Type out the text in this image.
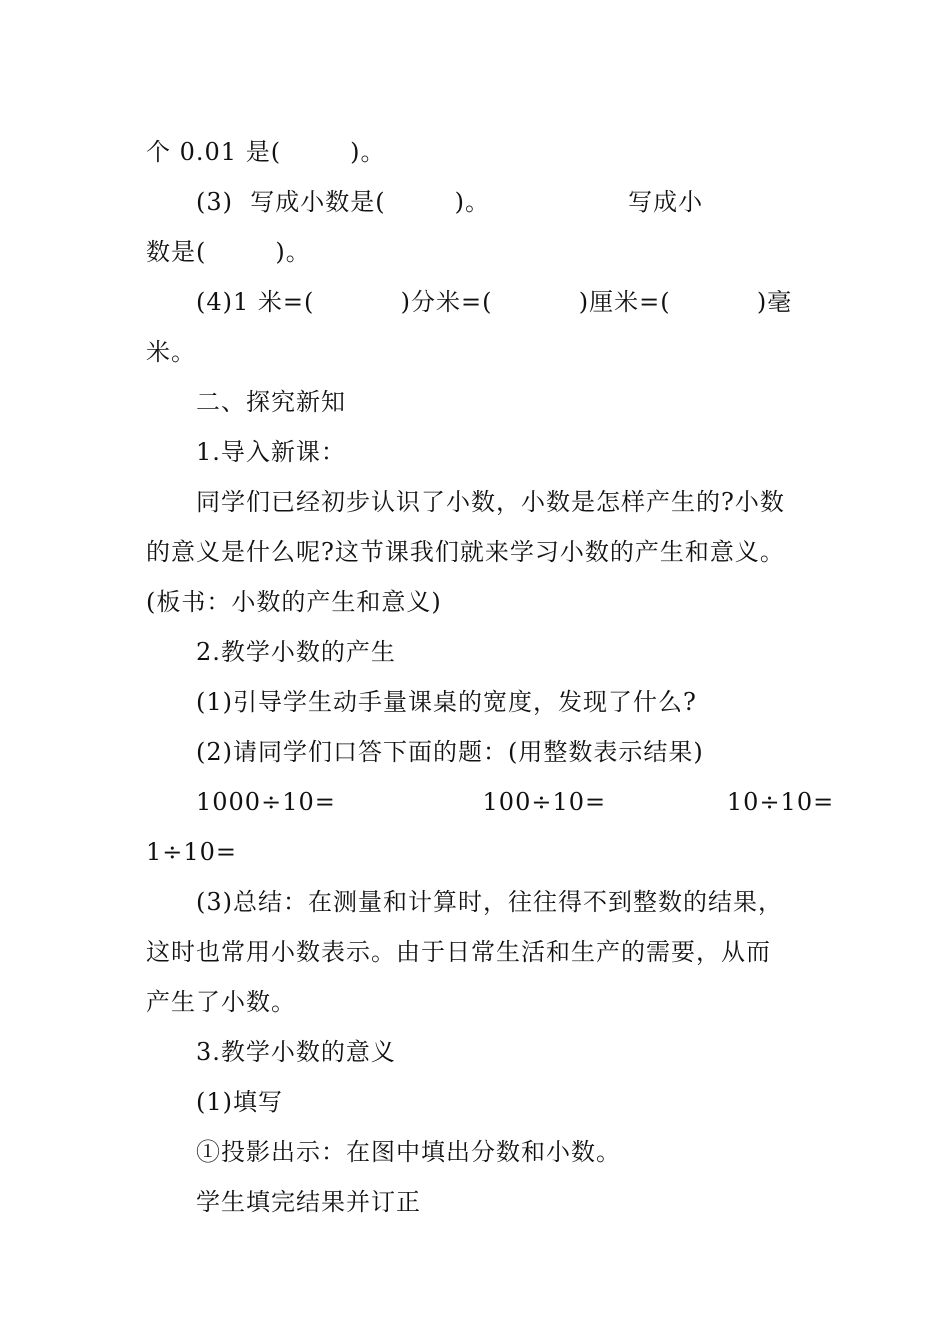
个 0.01 是(        )。
(3)  写成小数是(        )。                写成小
数是(        )。
(4)1 米=(          )分米=(          )厘米=(          )毫
米。
二、探究新知
1.导入新课：
同学们已经初步认识了小数，小数是怎样产生的?小数
的意义是什么呢?这节课我们就来学习小数的产生和意义。
(板书：小数的产生和意义)
2.教学小数的产生
(1)引导学生动手量课桌的宽度，发现了什么?
(2)请同学们口答下面的题：(用整数表示结果)
1000÷10=                 100÷10=              10÷10=
1÷10=
(3)总结：在测量和计算时，往往得不到整数的结果，
这时也常用小数表示。由于日常生活和生产的需要，从而
产生了小数。
3.教学小数的意义
(1)填写
①投影出示：在图中填出分数和小数。
学生填完结果并订正
